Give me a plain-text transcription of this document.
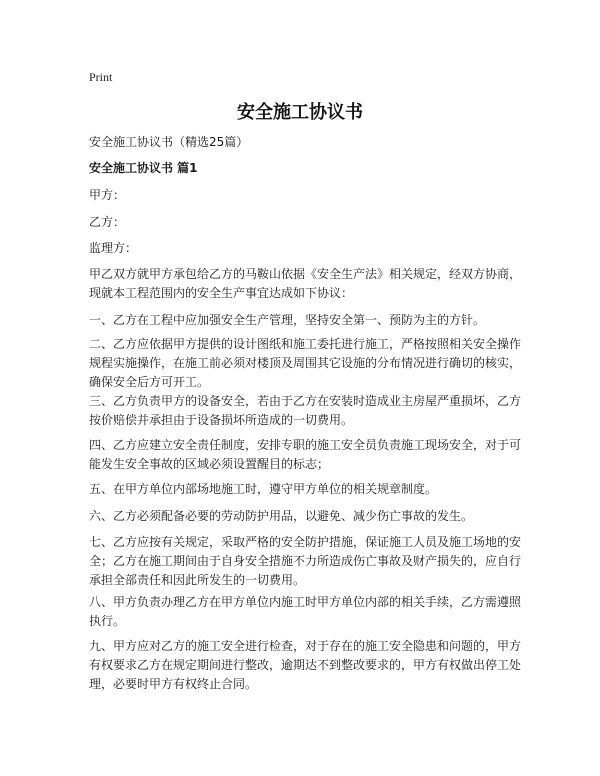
Print
安全施工协议书
安全施工协议书（精选25篇）
安全施工协议书 篇1
甲方：
乙方：
监理方：
甲乙双方就甲方承包给乙方的马鞍山依据《安全生产法》相关规定，经双方协商，现就本工程范围内的安全生产事宜达成如下协议：
一、乙方在工程中应加强安全生产管理，坚持安全第一、预防为主的方针。
二、乙方应依据甲方提供的设计图纸和施工委托进行施工，严格按照相关安全操作规程实施操作，在施工前必须对楼顶及周围其它设施的分布情况进行确切的核实，确保安全后方可开工。
三、乙方负责甲方的设备安全，若由于乙方在安装时造成业主房屋严重损坏，乙方按价赔偿并承担由于设备损坏所造成的一切费用。
四、乙方应建立安全责任制度，安排专职的施工安全员负责施工现场安全，对于可能发生安全事故的区域必须设置醒目的标志；
五、在甲方单位内部场地施工时，遵守甲方单位的相关规章制度。
六、乙方必须配备必要的劳动防护用品，以避免、减少伤亡事故的发生。
七、乙方应按有关规定，采取严格的安全防护措施，保证施工人员及施工场地的安全；乙方在施工期间由于自身安全措施不力所造成伤亡事故及财产损失的，应自行承担全部责任和因此所发生的一切费用。
八、甲方负责办理乙方在甲方单位内施工时甲方单位内部的相关手续，乙方需遵照执行。
九、甲方应对乙方的施工安全进行检查，对于存在的施工安全隐患和问题的，甲方有权要求乙方在规定期间进行整改，逾期达不到整改要求的，甲方有权做出停工处理，必要时甲方有权终止合同。
